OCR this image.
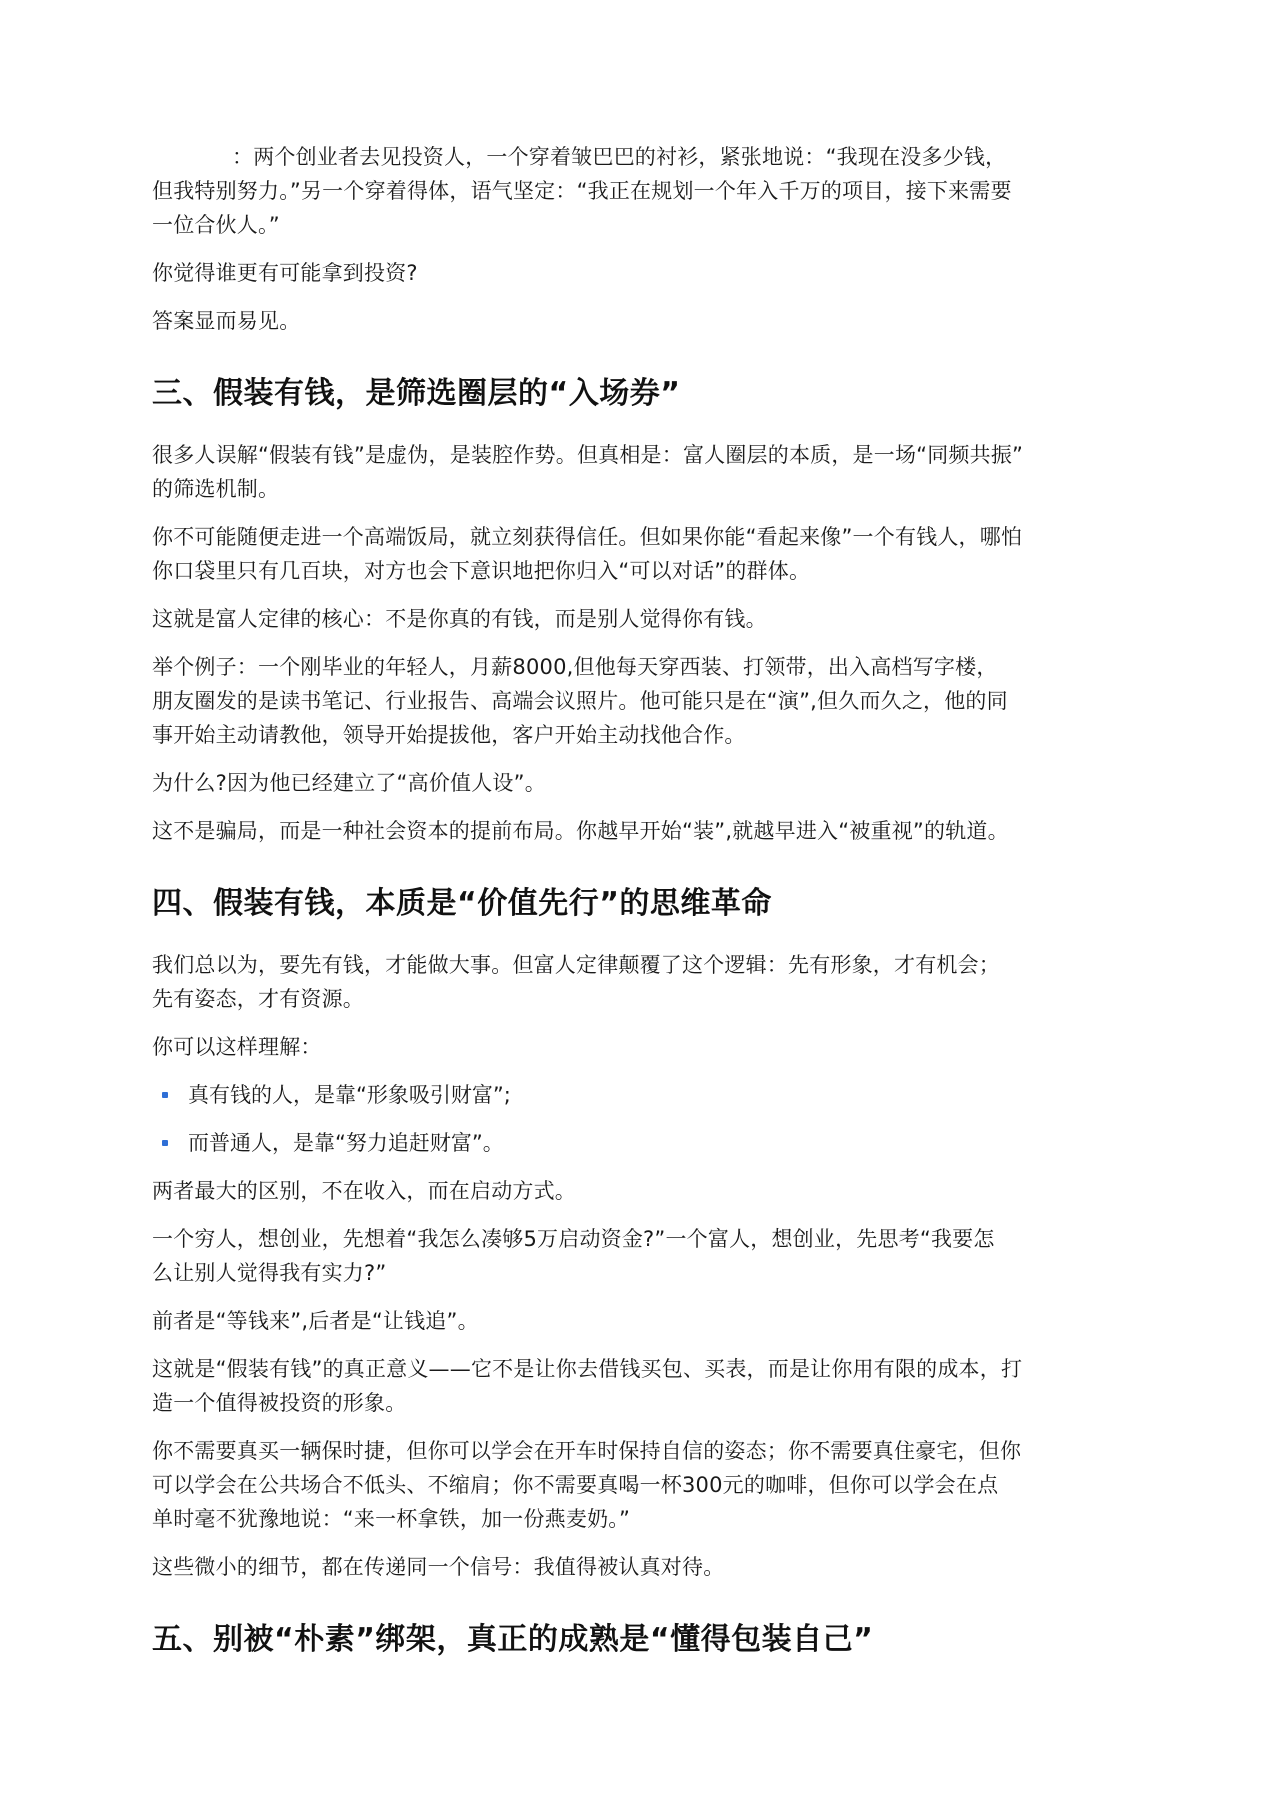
：两个创业者去见投资人，一个穿着皱巴巴的衬衫，紧张地说：“我现在没多少钱，

但我特别努力。”另一个穿着得体，语气坚定：“我正在规划一个年入千万的项目，接下来需要

一位合伙人。”

你觉得谁更有可能拿到投资?

答案显而易见。

三、假装有钱，是筛选圈层的“入场券”

很多人误解“假装有钱”是虚伪，是装腔作势。但真相是：富人圈层的本质，是一场“同频共振”

的筛选机制。

你不可能随便走进一个高端饭局，就立刻获得信任。但如果你能“看起来像”一个有钱人，哪怕

你口袋里只有几百块，对方也会下意识地把你归入“可以对话”的群体。

这就是富人定律的核心：不是你真的有钱，而是别人觉得你有钱。

举个例子：一个刚毕业的年轻人，月薪8000,但他每天穿西装、打领带，出入高档写字楼，

朋友圈发的是读书笔记、行业报告、高端会议照片。他可能只是在“演”,但久而久之，他的同

事开始主动请教他，领导开始提拔他，客户开始主动找他合作。

为什么?因为他已经建立了“高价值人设”。

这不是骗局，而是一种社会资本的提前布局。你越早开始“装”,就越早进入“被重视”的轨道。

四、假装有钱，本质是“价值先行”的思维革命

我们总以为，要先有钱，才能做大事。但富人定律颠覆了这个逻辑：先有形象，才有机会；

先有姿态，才有资源。

你可以这样理解：

真有钱的人，是靠“形象吸引财富”;
而普通人，是靠“努力追赶财富”。

两者最大的区别，不在收入，而在启动方式。

一个穷人，想创业，先想着“我怎么凑够5万启动资金?”一个富人，想创业，先思考“我要怎

么让别人觉得我有实力?”

前者是“等钱来”,后者是“让钱追”。

这就是“假装有钱”的真正意义——它不是让你去借钱买包、买表，而是让你用有限的成本，打

造一个值得被投资的形象。

你不需要真买一辆保时捷，但你可以学会在开车时保持自信的姿态；你不需要真住豪宅，但你

可以学会在公共场合不低头、不缩肩；你不需要真喝一杯300元的咖啡，但你可以学会在点

单时毫不犹豫地说：“来一杯拿铁，加一份燕麦奶。”

这些微小的细节，都在传递同一个信号：我值得被认真对待。

五、别被“朴素”绑架，真正的成熟是“懂得包装自己”
